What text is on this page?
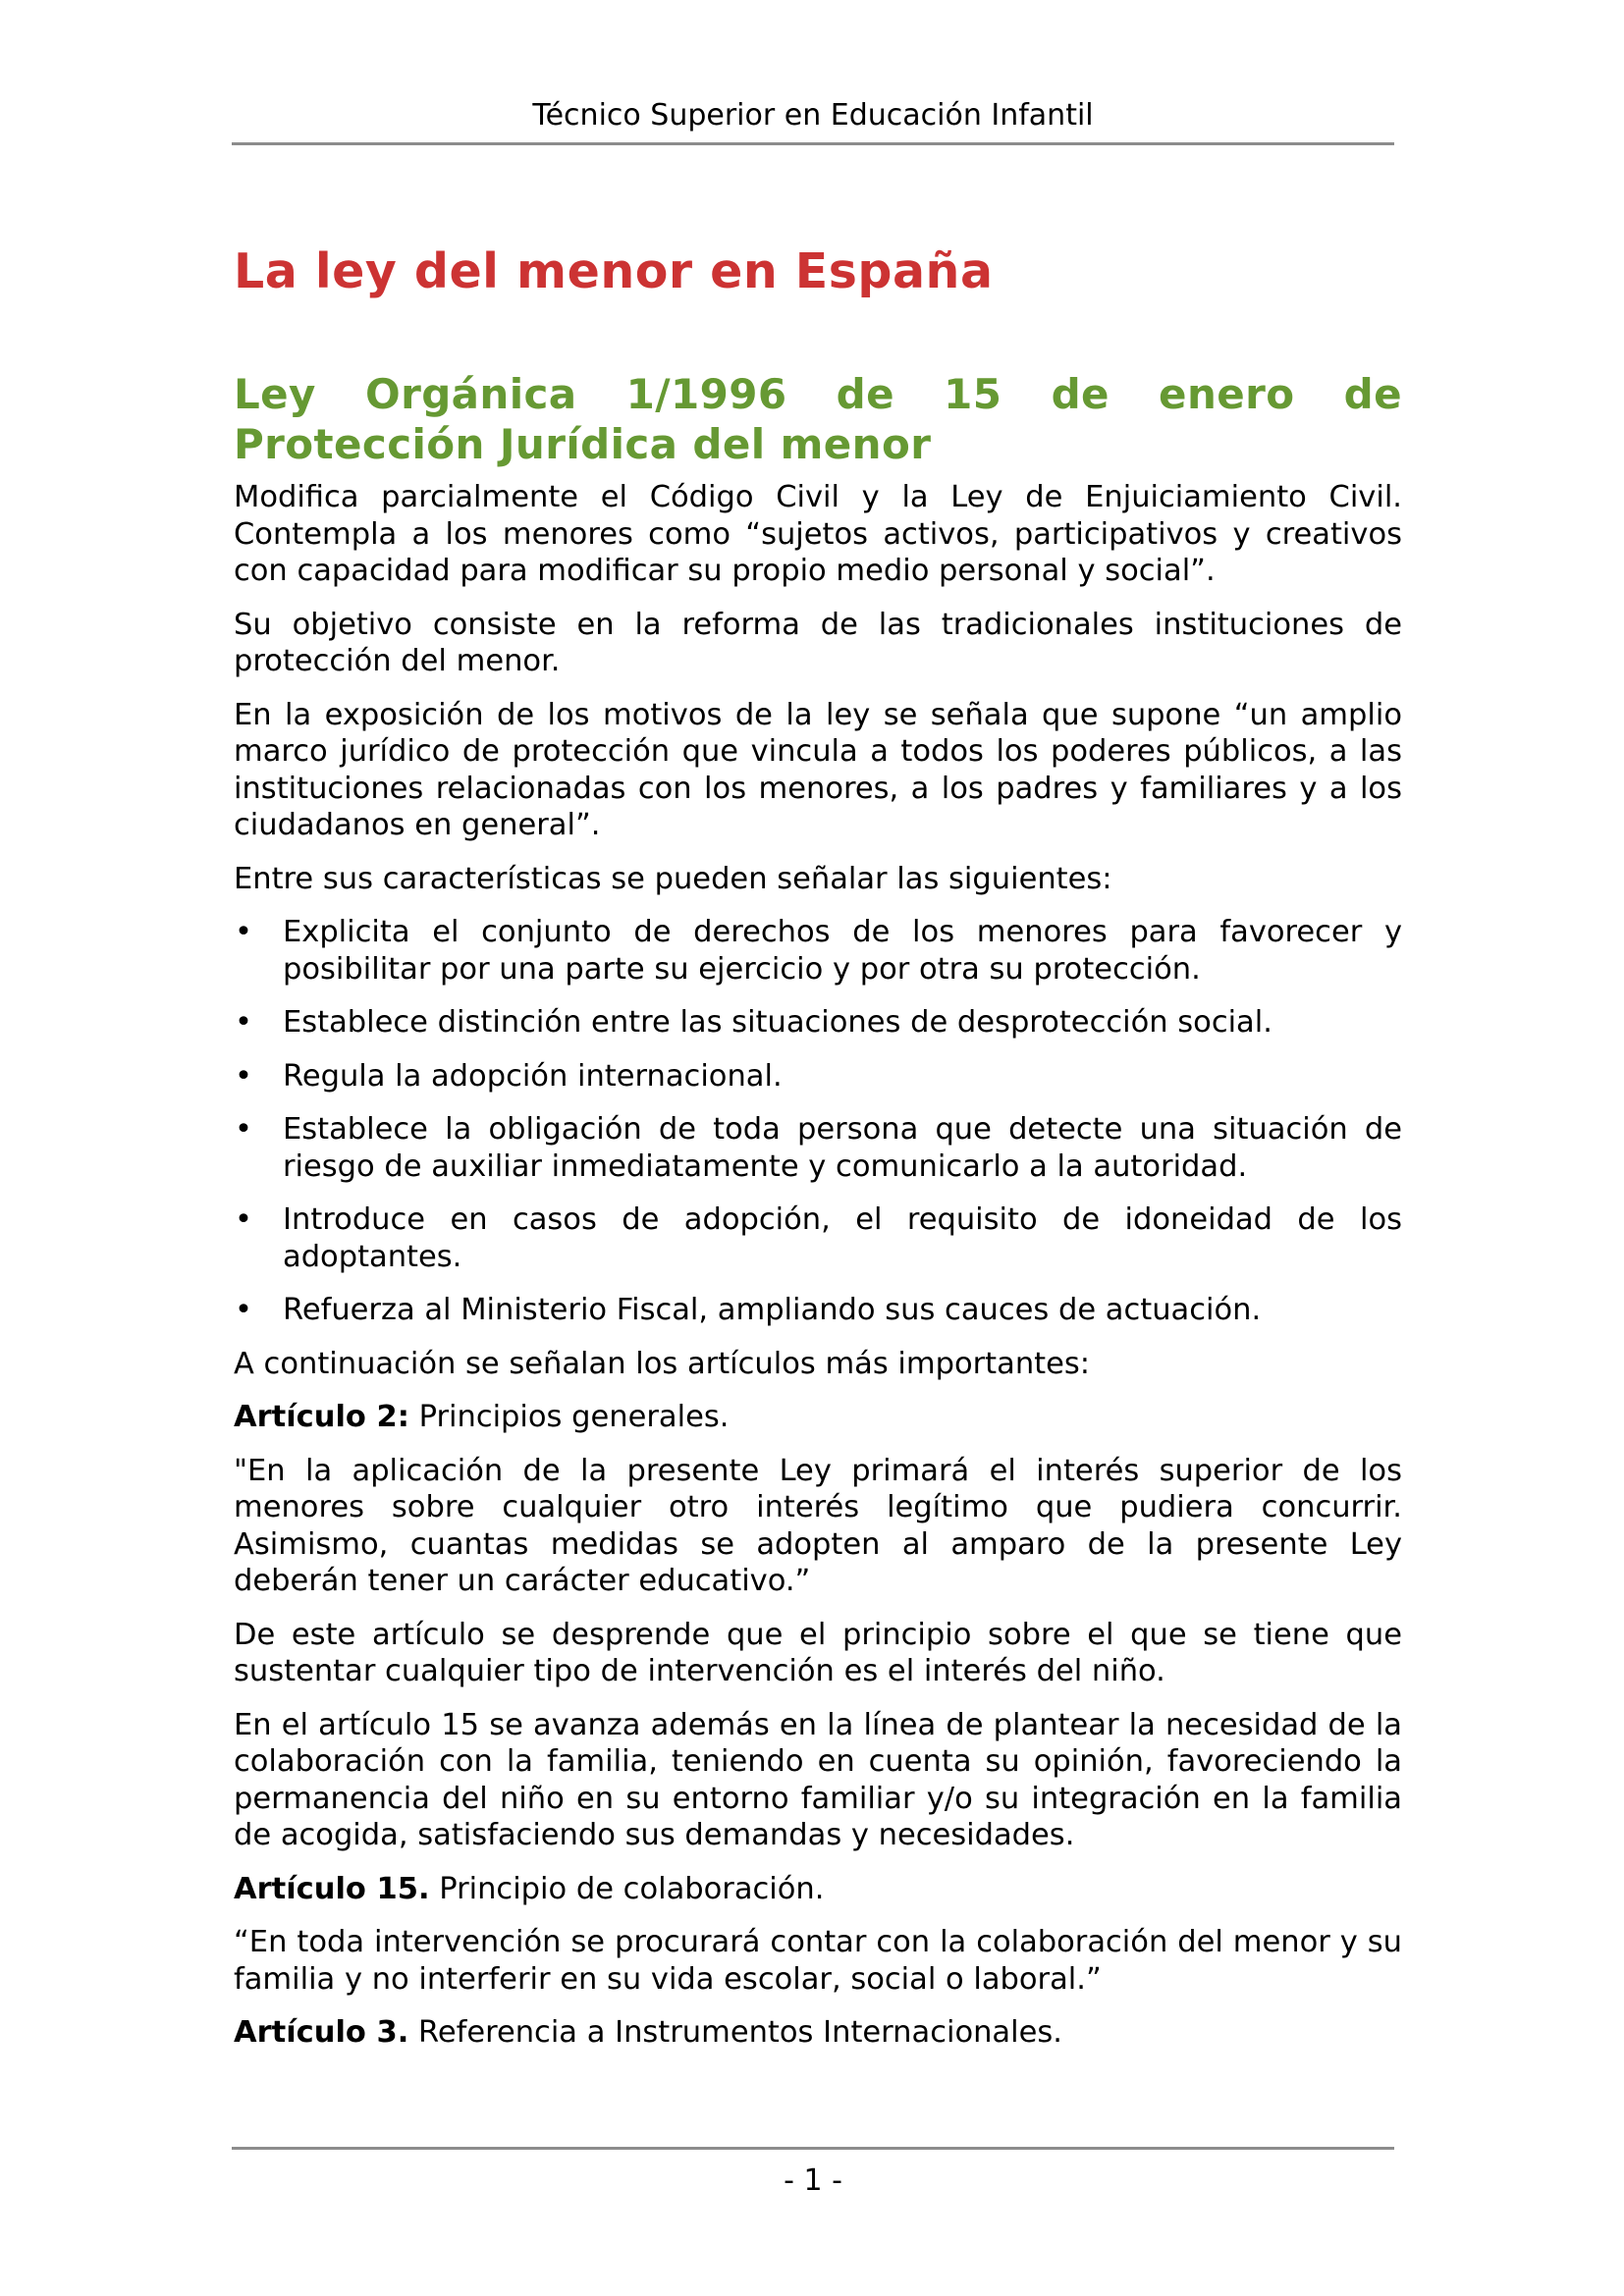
Técnico Superior en Educación Infantil
La ley del menor en España
Ley Orgánica 1/1996 de 15 de enero de Protección Jurídica del menor

Modifica parcialmente el Código Civil y la Ley de Enjuiciamiento Civil. Contempla a los menores como “sujetos activos, participativos y creativos con capacidad para modificar su propio medio personal y social”.

Su objetivo consiste en la reforma de las tradicionales instituciones de protección del menor.

En la exposición de los motivos de la ley se señala que supone “un amplio marco jurídico de protección que vincula a todos los poderes públicos, a las instituciones relacionadas con los menores, a los padres y familiares y a los ciudadanos en general”.

Entre sus características se pueden señalar las siguientes:

• Explicita el conjunto de derechos de los menores para favorecer y posibilitar por una parte su ejercicio y por otra su protección.
• Establece distinción entre las situaciones de desprotección social.
• Regula la adopción internacional.
• Establece la obligación de toda persona que detecte una situación de riesgo de auxiliar inmediatamente y comunicarlo a la autoridad.
• Introduce en casos de adopción, el requisito de idoneidad de los adoptantes.
• Refuerza al Ministerio Fiscal, ampliando sus cauces de actuación.

A continuación se señalan los artículos más importantes:

Artículo 2: Principios generales.

"En la aplicación de la presente Ley primará el interés superior de los menores sobre cualquier otro interés legítimo que pudiera concurrir. Asimismo, cuantas medidas se adopten al amparo de la presente Ley deberán tener un carácter educativo.”

De este artículo se desprende que el principio sobre el que se tiene que sustentar cualquier tipo de intervención es el interés del niño.

En el artículo 15 se avanza además en la línea de plantear la necesidad de la colaboración con la familia, teniendo en cuenta su opinión, favoreciendo la permanencia del niño en su entorno familiar y/o su integración en la familia de acogida, satisfaciendo sus demandas y necesidades.

Artículo 15. Principio de colaboración.

“En toda intervención se procurará contar con la colaboración del menor y su familia y no interferir en su vida escolar, social o laboral.”

Artículo 3. Referencia a Instrumentos Internacionales.

- 1 -
